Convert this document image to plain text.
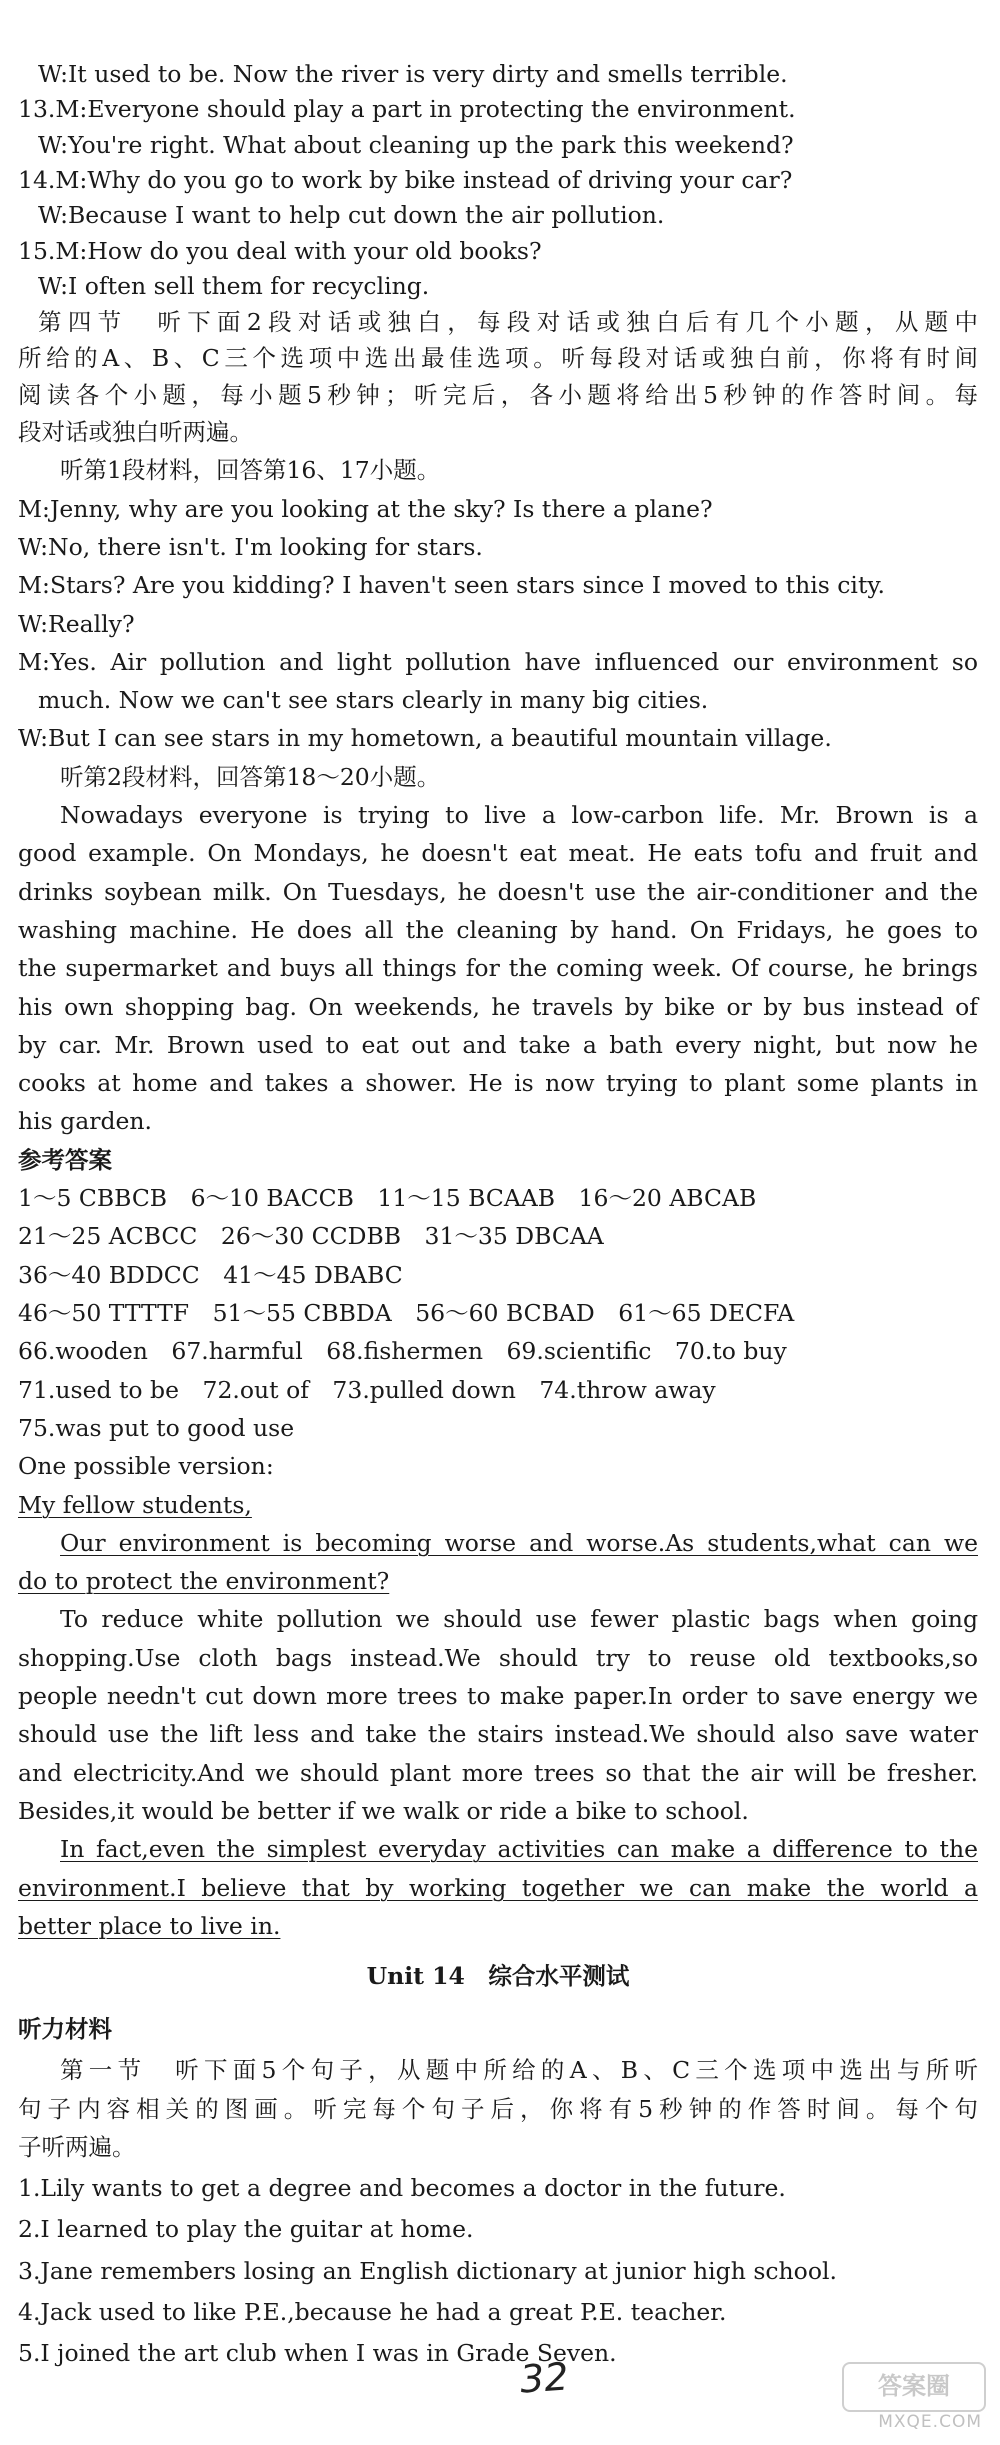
W:It used to be. Now the river is very dirty and smells terrible.
13.M:Everyone should play a part in protecting the environment.
W:You're right. What about cleaning up the park this weekend?
14.M:Why do you go to work by bike instead of driving your car?
W:Because I want to help cut down the air pollution.
15.M:How do you deal with your old books?
W:I often sell them for recycling.
第四节　听下面2段对话或独白，每段对话或独白后有几个小题，从题中
所给的A、B、C三个选项中选出最佳选项。听每段对话或独白前，你将有时间
阅读各个小题，每小题5秒钟；听完后，各小题将给出5秒钟的作答时间。每
段对话或独白听两遍。
听第1段材料，回答第16、17小题。
M:Jenny, why are you looking at the sky? Is there a plane?
W:No, there isn't. I'm looking for stars.
M:Stars? Are you kidding? I haven't seen stars since I moved to this city.
W:Really?
M:Yes. Air pollution and light pollution have influenced our environment so
much. Now we can't see stars clearly in many big cities.
W:But I can see stars in my hometown, a beautiful mountain village.
听第2段材料，回答第18～20小题。
Nowadays everyone is trying to live a low-carbon life. Mr. Brown is a
good example. On Mondays, he doesn't eat meat. He eats tofu and fruit and
drinks soybean milk. On Tuesdays, he doesn't use the air-conditioner and the
washing machine. He does all the cleaning by hand. On Fridays, he goes to
the supermarket and buys all things for the coming week. Of course, he brings
his own shopping bag. On weekends, he travels by bike or by bus instead of
by car. Mr. Brown used to eat out and take a bath every night, but now he
cooks at home and takes a shower. He is now trying to plant some plants in
his garden.
参考答案
1～5 CBBCB　6～10 BACCB　11～15 BCAAB　16～20 ABCAB
21～25 ACBCC　26～30 CCDBB　31～35 DBCAA
36～40 BDDCC　41～45 DBABC
46～50 TTTTF　51～55 CBBDA　56～60 BCBAD　61～65 DECFA
66.wooden　67.harmful　68.fishermen　69.scientific　70.to buy
71.used to be　72.out of　73.pulled down　74.throw away
75.was put to good use
One possible version:
My fellow students,
Our environment is becoming worse and worse.As students,what can we
do to protect the environment?
To reduce white pollution we should use fewer plastic bags when going
shopping.Use cloth bags instead.We should try to reuse old textbooks,so
people needn't cut down more trees to make paper.In order to save energy we
should use the lift less and take the stairs instead.We should also save water
and electricity.And we should plant more trees so that the air will be fresher.
Besides,it would be better if we walk or ride a bike to school.
In fact,even the simplest everyday activities can make a difference to the
environment.I believe that by working together we can make the world a
better place to live in.
Unit 14　综合水平测试
听力材料
第一节　听下面5个句子，从题中所给的A、B、C三个选项中选出与所听
句子内容相关的图画。听完每个句子后，你将有5秒钟的作答时间。每个句
子听两遍。
1.Lily wants to get a degree and becomes a doctor in the future.
2.I learned to play the guitar at home.
3.Jane remembers losing an English dictionary at junior high school.
4.Jack used to like P.E.,because he had a great P.E. teacher.
5.I joined the art club when I was in Grade Seven.
32	答案圈
MXQE.COM
